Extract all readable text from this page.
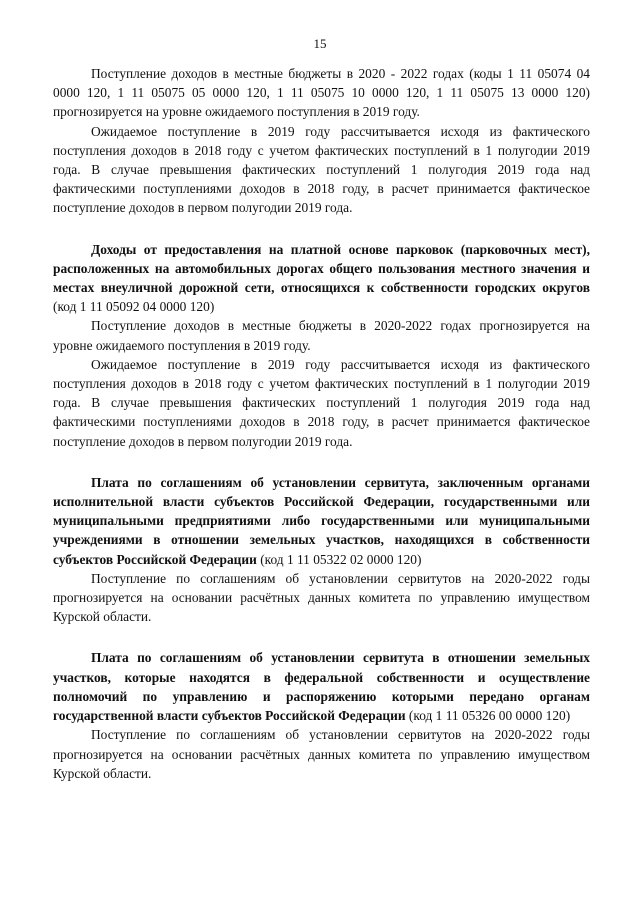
15

Поступление доходов в местные бюджеты в 2020 - 2022 годах (коды 1 11 05074 04 0000 120, 1 11 05075 05 0000 120, 1 11 05075 10 0000 120, 1 11 05075 13 0000 120) прогнозируется на уровне ожидаемого поступления в 2019 году.

Ожидаемое поступление в 2019 году рассчитывается исходя из фактического поступления доходов в 2018 году с учетом фактических поступлений в 1 полугодии 2019 года. В случае превышения фактических поступлений 1 полугодия 2019 года над фактическими поступлениями доходов в 2018 году, в расчет принимается фактическое поступление доходов в первом полугодии 2019 года.

Доходы от предоставления на платной основе парковок (парковочных мест), расположенных на автомобильных дорогах общего пользования местного значения и местах внеуличной дорожной сети, относящихся к собственности городских округов (код 1 11 05092 04 0000 120)

Поступление доходов в местные бюджеты в 2020-2022 годах прогнозируется на уровне ожидаемого поступления в 2019 году.

Ожидаемое поступление в 2019 году рассчитывается исходя из фактического поступления доходов в 2018 году с учетом фактических поступлений в 1 полугодии 2019 года. В случае превышения фактических поступлений 1 полугодия 2019 года над фактическими поступлениями доходов в 2018 году, в расчет принимается фактическое поступление доходов в первом полугодии 2019 года.

Плата по соглашениям об установлении сервитута, заключенным органами исполнительной власти субъектов Российской Федерации, государственными или муниципальными предприятиями либо государственными или муниципальными учреждениями в отношении земельных участков, находящихся в собственности субъектов Российской Федерации (код 1 11 05322 02 0000 120)

Поступление по соглашениям об установлении сервитутов на 2020-2022 годы прогнозируется на основании расчётных данных комитета по управлению имуществом Курской области.

Плата по соглашениям об установлении сервитута в отношении земельных участков, которые находятся в федеральной собственности и осуществление полномочий по управлению и распоряжению которыми передано органам государственной власти субъектов Российской Федерации (код 1 11 05326 00 0000 120)

Поступление по соглашениям об установлении сервитутов на 2020-2022 годы прогнозируется на основании расчётных данных комитета по управлению имуществом Курской области.
